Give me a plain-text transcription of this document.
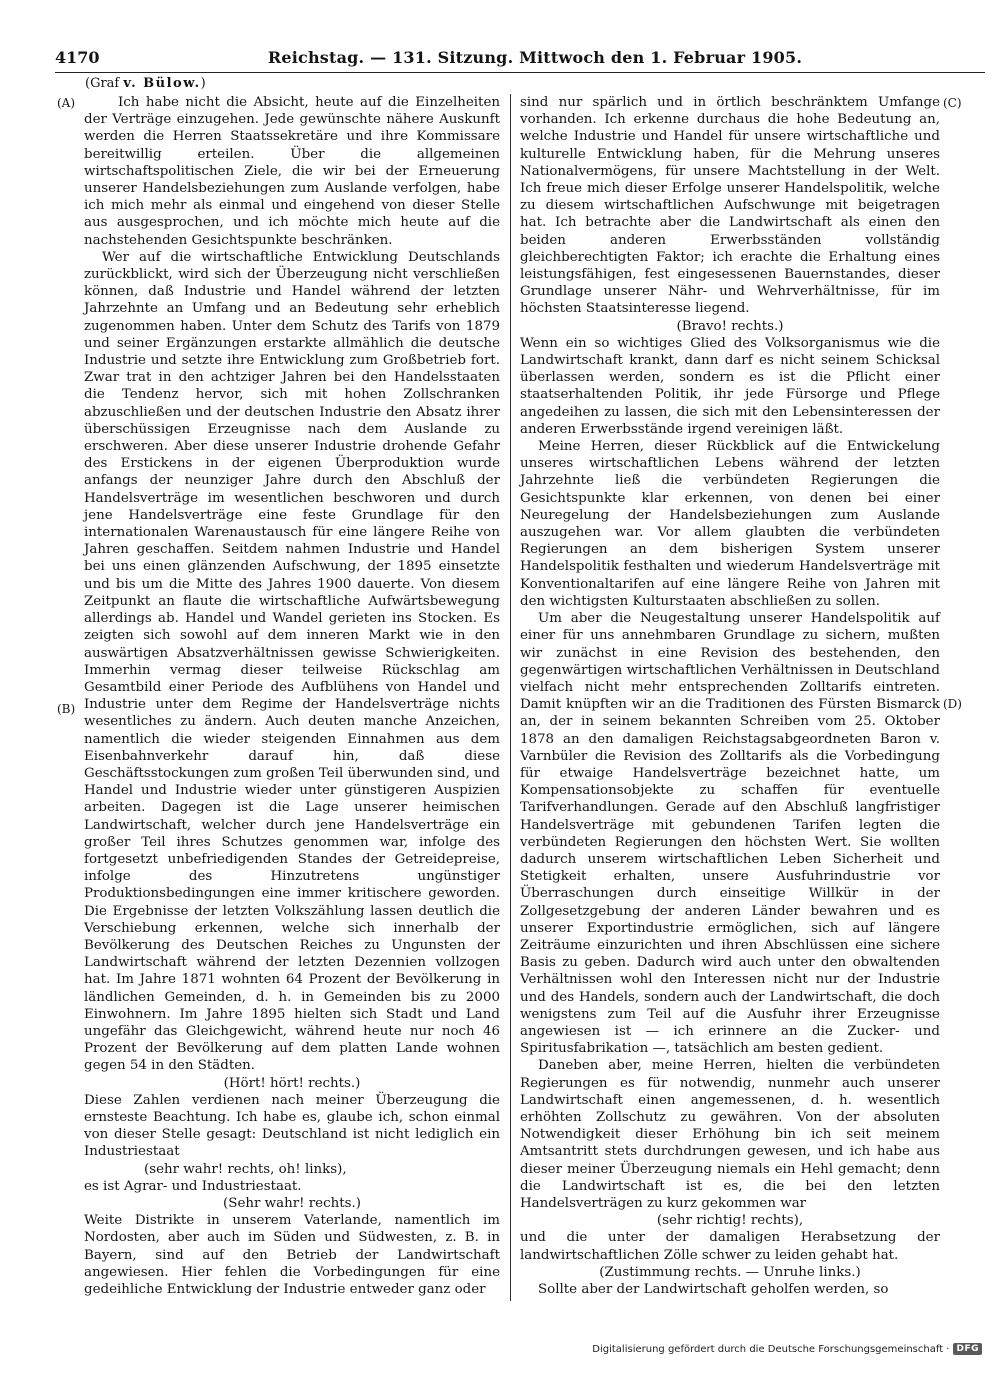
4170	Reichstag. — 131. Sitzung. Mittwoch den 1. Februar 1905.
(Graf v. Bülow.)
(A)
(B)
(C)
(D)

Ich habe nicht die Absicht, heute auf die Einzelheiten der Verträge einzugehen. Jede gewünschte nähere Auskunft werden die Herren Staatssekretäre und ihre Kommissare bereitwillig erteilen. Über die allgemeinen wirtschaftspolitischen Ziele, die wir bei der Erneuerung unserer Handelsbeziehungen zum Auslande verfolgen, habe ich mich mehr als einmal und eingehend von dieser Stelle aus ausgesprochen, und ich möchte mich heute auf die nachstehenden Gesichtspunkte beschränken.

Wer auf die wirtschaftliche Entwicklung Deutschlands zurückblickt, wird sich der Überzeugung nicht verschließen können, daß Industrie und Handel während der letzten Jahrzehnte an Umfang und an Bedeutung sehr erheblich zugenommen haben. Unter dem Schutz des Tarifs von 1879 und seiner Ergänzungen erstarkte allmählich die deutsche Industrie und setzte ihre Entwicklung zum Großbetrieb fort. Zwar trat in den achtziger Jahren bei den Handelsstaaten die Tendenz hervor, sich mit hohen Zollschranken abzuschließen und der deutschen Industrie den Absatz ihrer überschüssigen Erzeugnisse nach dem Auslande zu erschweren. Aber diese unserer Industrie drohende Gefahr des Erstickens in der eigenen Überproduktion wurde anfangs der neunziger Jahre durch den Abschluß der Handelsverträge im wesentlichen beschworen und durch jene Handelsverträge eine feste Grundlage für den internationalen Warenaustausch für eine längere Reihe von Jahren geschaffen. Seitdem nahmen Industrie und Handel bei uns einen glänzenden Aufschwung, der 1895 einsetzte und bis um die Mitte des Jahres 1900 dauerte. Von diesem Zeitpunkt an flaute die wirtschaftliche Aufwärtsbewegung allerdings ab. Handel und Wandel gerieten ins Stocken. Es zeigten sich sowohl auf dem inneren Markt wie in den auswärtigen Absatzverhältnissen gewisse Schwierigkeiten. Immerhin vermag dieser teilweise Rückschlag am Gesamtbild einer Periode des Aufblühens von Handel und Industrie unter dem Regime der Handelsverträge nichts wesentliches zu ändern. Auch deuten manche Anzeichen, namentlich die wieder steigenden Einnahmen aus dem Eisenbahnverkehr darauf hin, daß diese Geschäftsstockungen zum großen Teil überwunden sind, und Handel und Industrie wieder unter günstigeren Auspizien arbeiten. Dagegen ist die Lage unserer heimischen Landwirtschaft, welcher durch jene Handelsverträge ein großer Teil ihres Schutzes genommen war, infolge des fortgesetzt unbefriedigenden Standes der Getreidepreise, infolge des Hinzutretens ungünstiger Produktionsbedingungen eine immer kritischere geworden. Die Ergebnisse der letzten Volkszählung lassen deutlich die Verschiebung erkennen, welche sich innerhalb der Bevölkerung des Deutschen Reiches zu Ungunsten der Landwirtschaft während der letzten Dezennien vollzogen hat. Im Jahre 1871 wohnten 64 Prozent der Bevölkerung in ländlichen Gemeinden, d. h. in Gemeinden bis zu 2000 Einwohnern. Im Jahre 1895 hielten sich Stadt und Land ungefähr das Gleichgewicht, während heute nur noch 46 Prozent der Bevölkerung auf dem platten Lande wohnen gegen 54 in den Städten.

(Hört! hört! rechts.)

Diese Zahlen verdienen nach meiner Überzeugung die ernsteste Beachtung. Ich habe es, glaube ich, schon einmal von dieser Stelle gesagt: Deutschland ist nicht lediglich ein Industriestaat

(sehr wahr! rechts, oh! links),

es ist Agrar- und Industriestaat.

(Sehr wahr! rechts.)

Weite Distrikte in unserem Vaterlande, namentlich im Nordosten, aber auch im Süden und Südwesten, z. B. in Bayern, sind auf den Betrieb der Landwirtschaft angewiesen. Hier fehlen die Vorbedingungen für eine gedeihliche Entwicklung der Industrie entweder ganz oder

sind nur spärlich und in örtlich beschränktem Umfange vorhanden. Ich erkenne durchaus die hohe Bedeutung an, welche Industrie und Handel für unsere wirtschaftliche und kulturelle Entwicklung haben, für die Mehrung unseres Nationalvermögens, für unsere Machtstellung in der Welt. Ich freue mich dieser Erfolge unserer Handelspolitik, welche zu diesem wirtschaftlichen Aufschwunge mit beigetragen hat. Ich betrachte aber die Landwirtschaft als einen den beiden anderen Erwerbsständen vollständig gleichberechtigten Faktor; ich erachte die Erhaltung eines leistungsfähigen, fest eingesessenen Bauernstandes, dieser Grundlage unserer Nähr- und Wehrverhältnisse, für im höchsten Staatsinteresse liegend.

(Bravo! rechts.)

Wenn ein so wichtiges Glied des Volksorganismus wie die Landwirtschaft krankt, dann darf es nicht seinem Schicksal überlassen werden, sondern es ist die Pflicht einer staatserhaltenden Politik, ihr jede Fürsorge und Pflege angedeihen zu lassen, die sich mit den Lebensinteressen der anderen Erwerbsstände irgend vereinigen läßt.

Meine Herren, dieser Rückblick auf die Entwickelung unseres wirtschaftlichen Lebens während der letzten Jahrzehnte ließ die verbündeten Regierungen die Gesichtspunkte klar erkennen, von denen bei einer Neuregelung der Handelsbeziehungen zum Auslande auszugehen war. Vor allem glaubten die verbündeten Regierungen an dem bisherigen System unserer Handelspolitik festhalten und wiederum Handelsverträge mit Konventionaltarifen auf eine längere Reihe von Jahren mit den wichtigsten Kulturstaaten abschließen zu sollen.

Um aber die Neugestaltung unserer Handelspolitik auf einer für uns annehmbaren Grundlage zu sichern, mußten wir zunächst in eine Revision des bestehenden, den gegenwärtigen wirtschaftlichen Verhältnissen in Deutschland vielfach nicht mehr entsprechenden Zolltarifs eintreten. Damit knüpften wir an die Traditionen des Fürsten Bismarck an, der in seinem bekannten Schreiben vom 25. Oktober 1878 an den damaligen Reichstagsabgeordneten Baron v. Varnbüler die Revision des Zolltarifs als die Vorbedingung für etwaige Handelsverträge bezeichnet hatte, um Kompensationsobjekte zu schaffen für eventuelle Tarifverhandlungen. Gerade auf den Abschluß langfristiger Handelsverträge mit gebundenen Tarifen legten die verbündeten Regierungen den höchsten Wert. Sie wollten dadurch unserem wirtschaftlichen Leben Sicherheit und Stetigkeit erhalten, unsere Ausfuhrindustrie vor Überraschungen durch einseitige Willkür in der Zollgesetzgebung der anderen Länder bewahren und es unserer Exportindustrie ermöglichen, sich auf längere Zeiträume einzurichten und ihren Abschlüssen eine sichere Basis zu geben. Dadurch wird auch unter den obwaltenden Verhältnissen wohl den Interessen nicht nur der Industrie und des Handels, sondern auch der Landwirtschaft, die doch wenigstens zum Teil auf die Ausfuhr ihrer Erzeugnisse angewiesen ist — ich erinnere an die Zucker- und Spiritusfabrikation —, tatsächlich am besten gedient.

Daneben aber, meine Herren, hielten die verbündeten Regierungen es für notwendig, nunmehr auch unserer Landwirtschaft einen angemessenen, d. h. wesentlich erhöhten Zollschutz zu gewähren. Von der absoluten Notwendigkeit dieser Erhöhung bin ich seit meinem Amtsantritt stets durchdrungen gewesen, und ich habe aus dieser meiner Überzeugung niemals ein Hehl gemacht; denn die Landwirtschaft ist es, die bei den letzten Handelsverträgen zu kurz gekommen war

(sehr richtig! rechts),

und die unter der damaligen Herabsetzung der landwirtschaftlichen Zölle schwer zu leiden gehabt hat.

(Zustimmung rechts. — Unruhe links.)

Sollte aber der Landwirtschaft geholfen werden, so

Digitalisierung gefördert durch die Deutsche Forschungsgemeinschaft · DFG
